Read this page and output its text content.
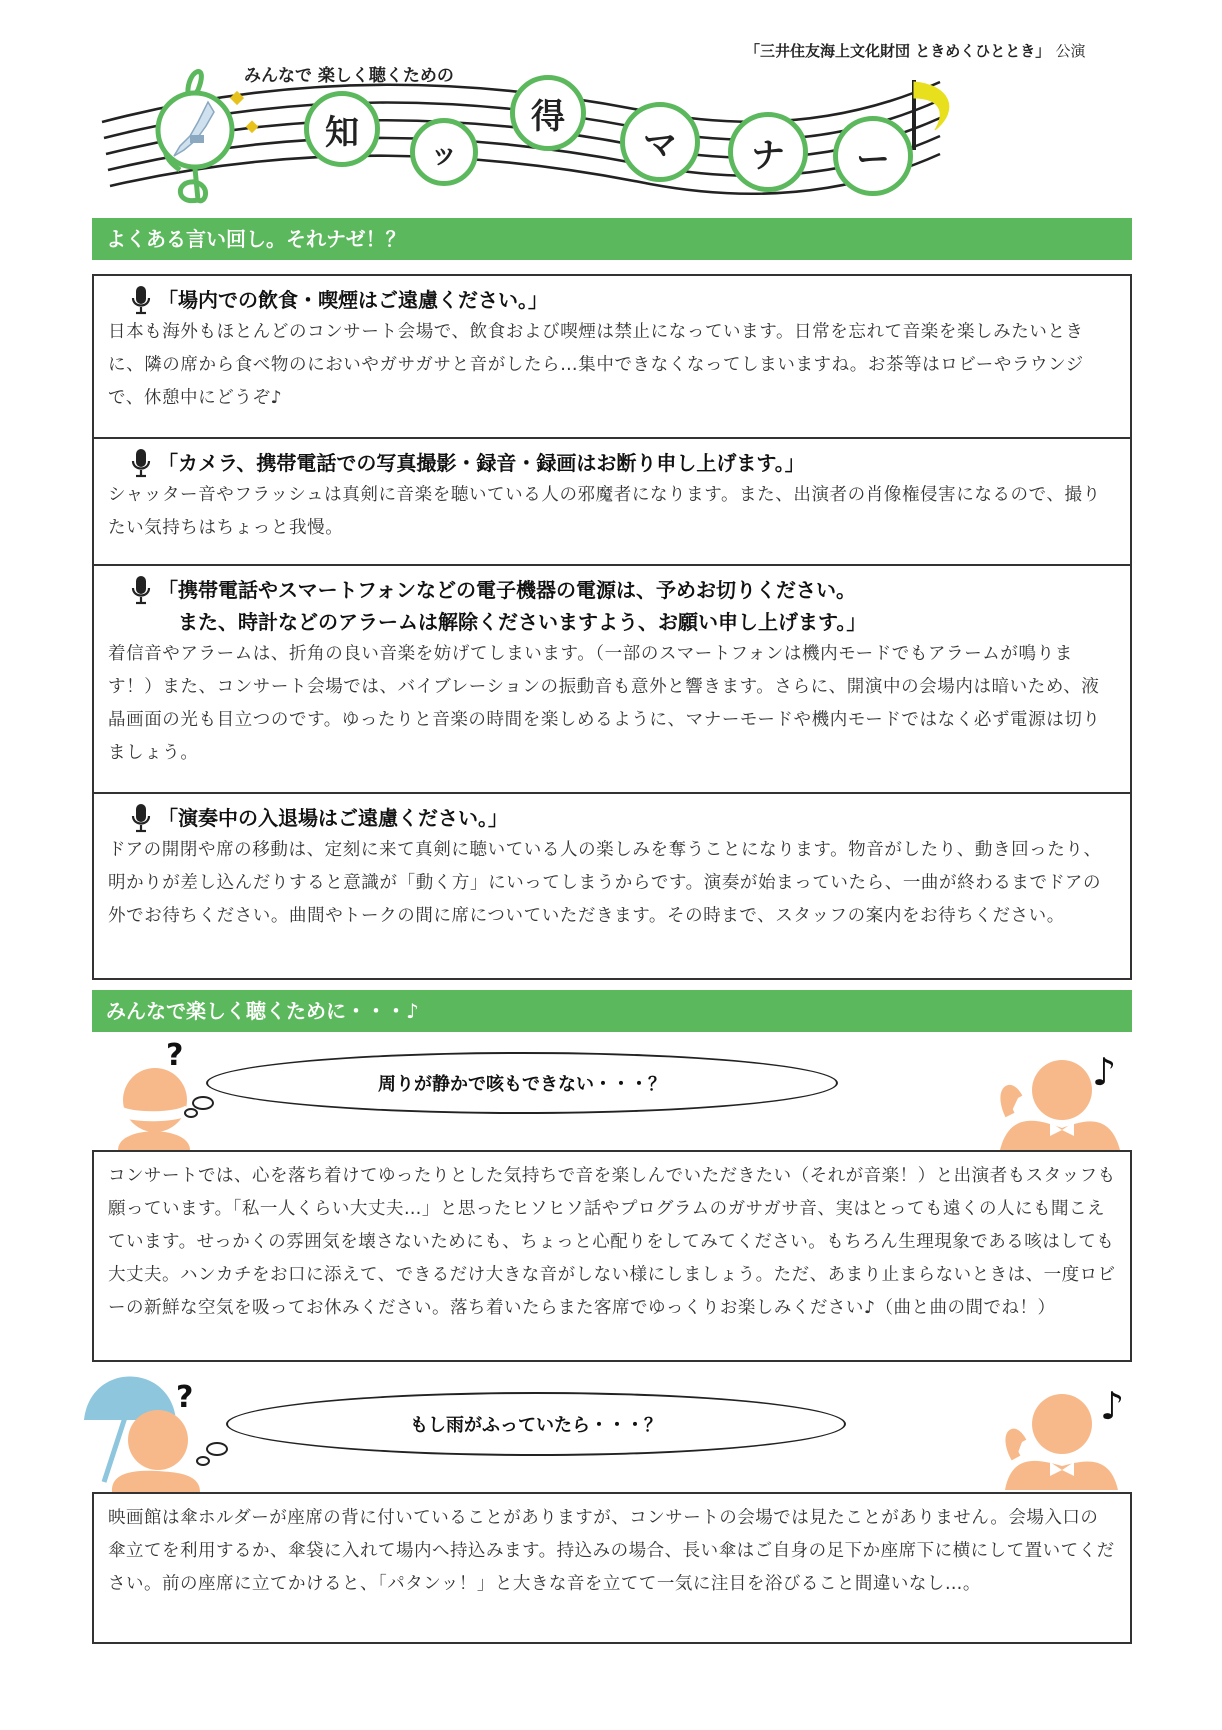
「三井住友海上文化財団 ときめくひととき」 公演
みんなで 楽しく聴くための
知
ッ
得
マ ナ ー
よくある言い回し。それナゼ！？
「場内での飲食・喫煙はご遠慮ください。」
日本も海外もほとんどのコンサート会場で、飲食および喫煙は禁止になっています。日常を忘れて音楽を楽しみたいときに、隣の席から食べ物のにおいやガサガサと音がしたら…集中できなくなってしまいますね。お茶等はロビーやラウンジで、休憩中にどうぞ♪
「カメラ、携帯電話での写真撮影・録音・録画はお断り申し上げます。」
シャッター音やフラッシュは真剣に音楽を聴いている人の邪魔者になります。また、出演者の肖像権侵害になるので、撮りたい気持ちはちょっと我慢。
「携帯電話やスマートフォンなどの電子機器の電源は、予めお切りください。
また、時計などのアラームは解除くださいますよう、お願い申し上げます。」
着信音やアラームは、折角の良い音楽を妨げてしまいます。（一部のスマートフォンは機内モードでもアラームが鳴ります！）また、コンサート会場では、バイブレーションの振動音も意外と響きます。さらに、開演中の会場内は暗いため、液晶画面の光も目立つのです。ゆったりと音楽の時間を楽しめるように、マナーモードや機内モードではなく必ず電源は切りましょう。
「演奏中の入退場はご遠慮ください。」
ドアの開閉や席の移動は、定刻に来て真剣に聴いている人の楽しみを奪うことになります。物音がしたり、動き回ったり、明かりが差し込んだりすると意識が「動く方」にいってしまうからです。演奏が始まっていたら、一曲が終わるまでドアの外でお待ちください。曲間やトークの間に席についていただきます。その時まで、スタッフの案内をお待ちください。
みんなで楽しく聴くために・・・♪
周りが静かで咳もできない・・・？
?	♪
コンサートでは、心を落ち着けてゆったりとした気持ちで音を楽しんでいただきたい（それが音楽！）と出演者もスタッフも願っています。「私一人くらい大丈夫…」と思ったヒソヒソ話やプログラムのガサガサ音、実はとっても遠くの人にも聞こえています。せっかくの雰囲気を壊さないためにも、ちょっと心配りをしてみてください。もちろん生理現象である咳はしても大丈夫。ハンカチをお口に添えて、できるだけ大きな音がしない様にしましょう。ただ、あまり止まらないときは、一度ロビーの新鮮な空気を吸ってお休みください。落ち着いたらまた客席でゆっくりお楽しみください♪（曲と曲の間でね！）
もし雨がふっていたら・・・？
?	♪
映画館は傘ホルダーが座席の背に付いていることがありますが、コンサートの会場では見たことがありません。会場入口の傘立てを利用するか、傘袋に入れて場内へ持込みます。持込みの場合、長い傘はご自身の足下か座席下に横にして置いてください。前の座席に立てかけると、「パタンッ！」と大きな音を立てて一気に注目を浴びること間違いなし…。
